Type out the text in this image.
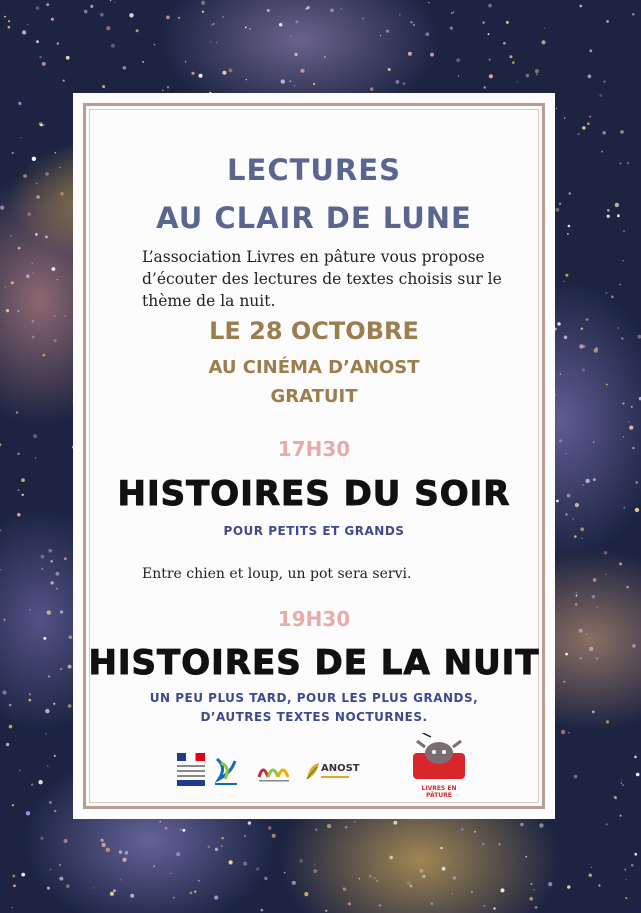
LECTURES

AU CLAIR DE LUNE

L’association Livres en pâture vous propose d’écouter des lectures de textes choisis sur le thème de la nuit.

LE 28 OCTOBRE

AU CINÉMA D’ANOST

GRATUIT

17H30

HISTOIRES DU SOIR

POUR PETITS ET GRANDS

Entre chien et loup, un pot sera servi.

19H30

HISTOIRES DE LA NUIT

UN PEU PLUS TARD, POUR LES PLUS GRANDS,

D’AUTRES TEXTES NOCTURNES.

ANOST
LIVRES EN PÂTURE
